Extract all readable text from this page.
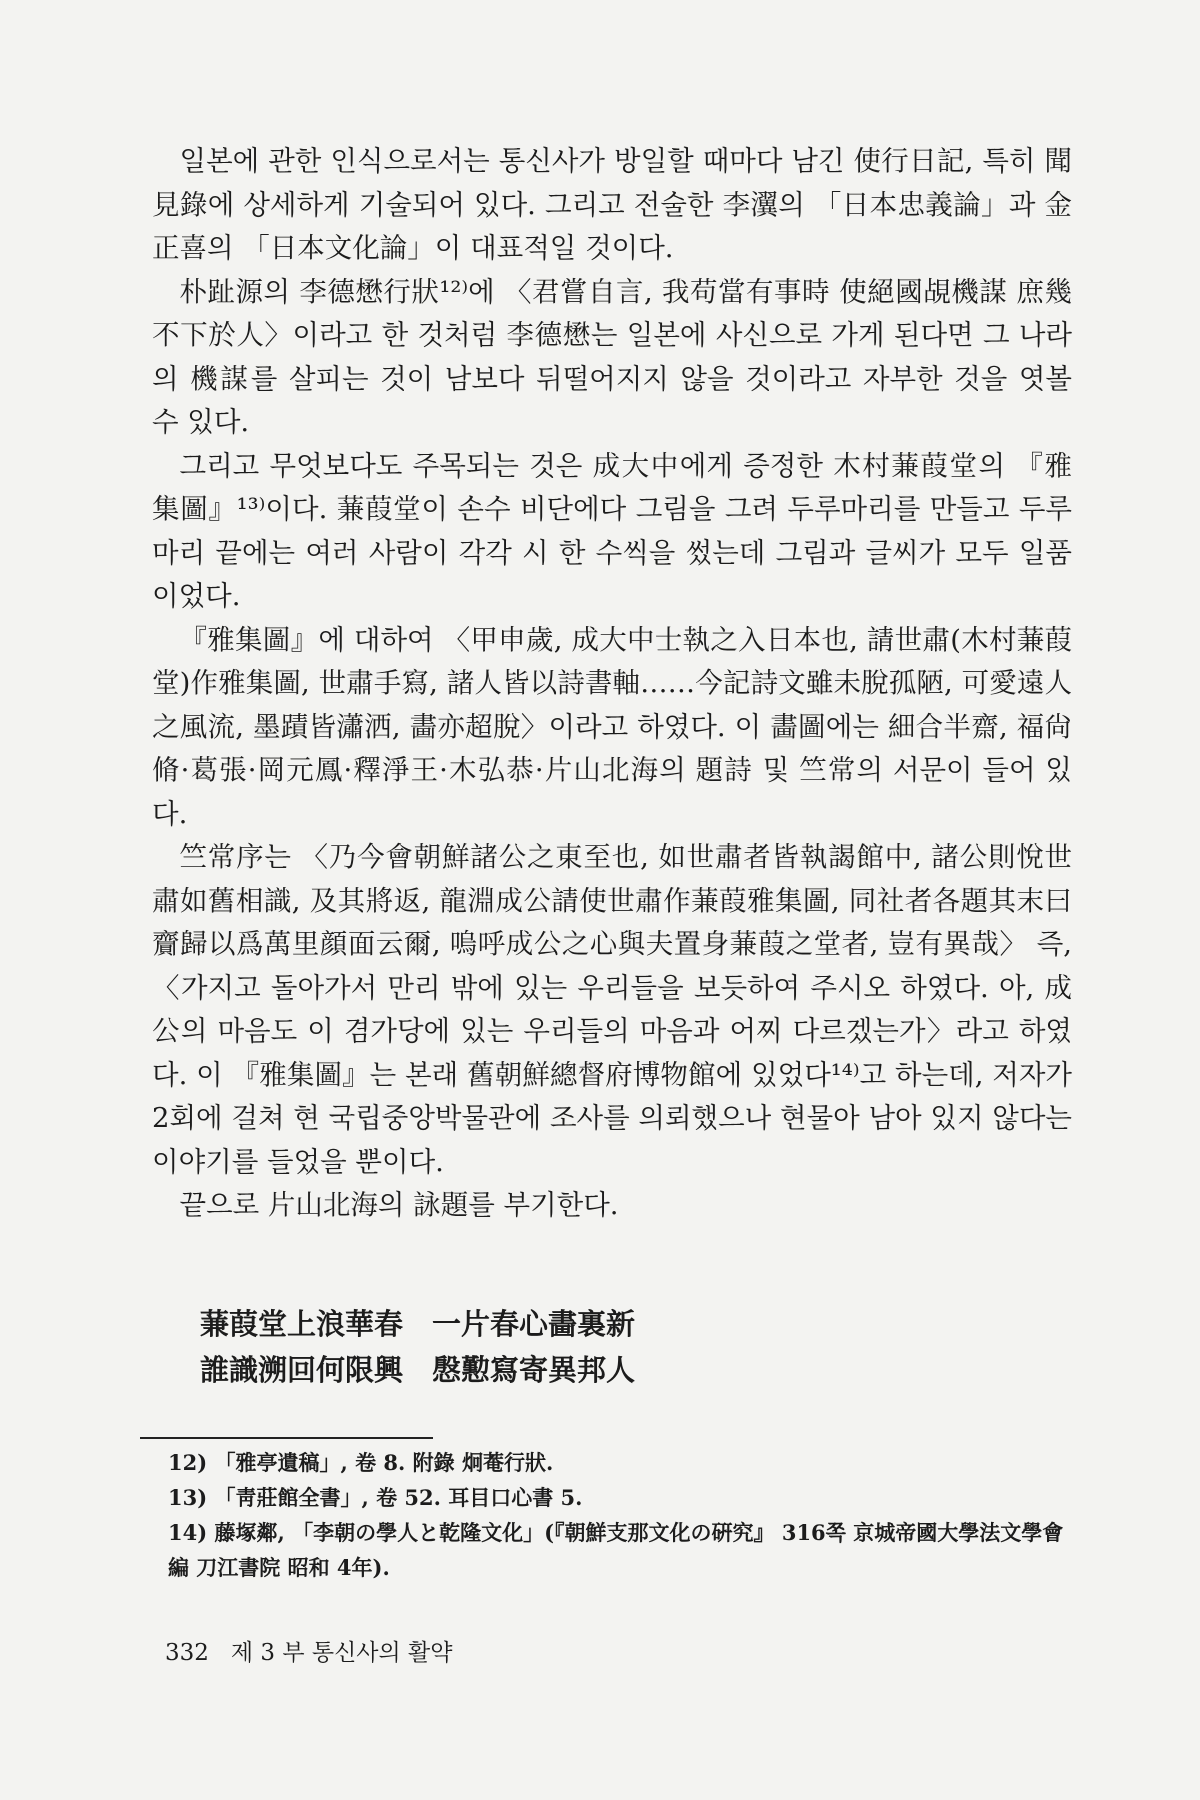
일본에 관한 인식으로서는 통신사가 방일할 때마다 남긴 使行日記, 특히 聞見錄에 상세하게 기술되어 있다. 그리고 전술한 李瀷의 「日本忠義論」과 金正喜의 「日本文化論」이 대표적일 것이다.

朴趾源의 李德懋行狀¹²⁾에 〈君嘗自言, 我苟當有事時 使絕國覘機謀 庶幾不下於人〉이라고 한 것처럼 李德懋는 일본에 사신으로 가게 된다면 그 나라의 機謀를 살피는 것이 남보다 뒤떨어지지 않을 것이라고 자부한 것을 엿볼 수 있다.

그리고 무엇보다도 주목되는 것은 成大中에게 증정한 木村蒹葭堂의 『雅集圖』¹³⁾이다. 蒹葭堂이 손수 비단에다 그림을 그려 두루마리를 만들고 두루마리 끝에는 여러 사람이 각각 시 한 수씩을 썼는데 그림과 글씨가 모두 일품이었다.

『雅集圖』에 대하여 〈甲申歲, 成大中士執之入日本也, 請世肅(木村蒹葭堂)作雅集圖, 世肅手寫, 諸人皆以詩書軸……今記詩文雖未脫孤陋, 可愛遠人之風流, 墨蹟皆瀟洒, 畵亦超脫〉이라고 하였다. 이 畵圖에는 細合半齋, 福尙脩·葛張·岡元鳳·釋淨王·木弘恭·片山北海의 題詩 및 竺常의 서문이 들어 있다.

竺常序는 〈乃今會朝鮮諸公之東至也, 如世肅者皆執謁館中, 諸公則悅世肅如舊相識, 及其將返, 龍淵成公請使世肅作蒹葭雅集圖, 同社者各題其末曰齎歸以爲萬里顔面云爾, 嗚呼成公之心與夫置身蒹葭之堂者, 豈有異哉〉 즉, 〈가지고 돌아가서 만리 밖에 있는 우리들을 보듯하여 주시오 하였다. 아, 成公의 마음도 이 겸가당에 있는 우리들의 마음과 어찌 다르겠는가〉라고 하였다. 이 『雅集圖』는 본래 舊朝鮮總督府博物館에 있었다¹⁴⁾고 하는데, 저자가 2회에 걸쳐 현 국립중앙박물관에 조사를 의뢰했으나 현물아 남아 있지 않다는 이야기를 들었을 뿐이다.

끝으로 片山北海의 詠題를 부기한다.

蒹葭堂上浪華春　 一片春心畵裏新
誰識溯回何限興　 慇懃寫寄異邦人

12) 「雅亭遺稿」, 卷 8. 附錄 炯菴行狀.

13) 「靑莊館全書」, 卷 52. 耳目口心書 5.

14) 藤塚鄰, 「李朝の學人と乾隆文化」(『朝鮮支那文化の硏究』 316쪽 京城帝國大學法文學會編 刀江書院 昭和 4年).

332 제 3 부 통신사의 활약
